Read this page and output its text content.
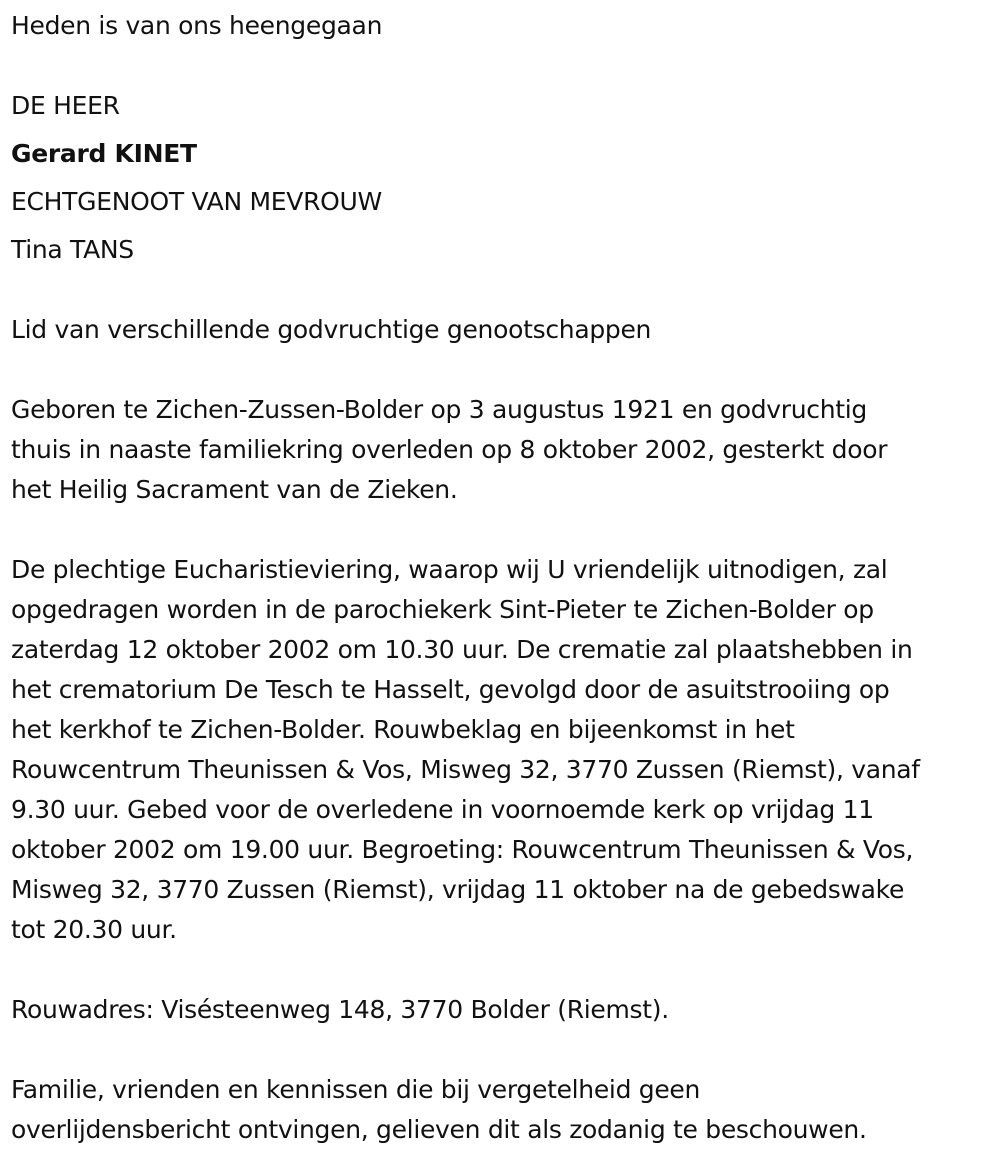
Heden is van ons heengegaan
DE HEER
Gerard KINET
ECHTGENOOT VAN MEVROUW
Tina TANS
Lid van verschillende godvruchtige genootschappen
Geboren te Zichen-Zussen-Bolder op 3 augustus 1921 en godvruchtig
thuis in naaste familiekring overleden op 8 oktober 2002, gesterkt door
het Heilig Sacrament van de Zieken.
De plechtige Eucharistieviering, waarop wij U vriendelijk uitnodigen, zal
opgedragen worden in de parochiekerk Sint-Pieter te Zichen-Bolder op
zaterdag 12 oktober 2002 om 10.30 uur. De crematie zal plaatshebben in
het crematorium De Tesch te Hasselt, gevolgd door de asuitstrooiing op
het kerkhof te Zichen-Bolder. Rouwbeklag en bijeenkomst in het
Rouwcentrum Theunissen & Vos, Misweg 32, 3770 Zussen (Riemst), vanaf
9.30 uur. Gebed voor de overledene in voornoemde kerk op vrijdag 11
oktober 2002 om 19.00 uur. Begroeting: Rouwcentrum Theunissen & Vos,
Misweg 32, 3770 Zussen (Riemst), vrijdag 11 oktober na de gebedswake
tot 20.30 uur.
Rouwadres: Visésteenweg 148, 3770 Bolder (Riemst).
Familie, vrienden en kennissen die bij vergetelheid geen
overlijdensbericht ontvingen, gelieven dit als zodanig te beschouwen.
